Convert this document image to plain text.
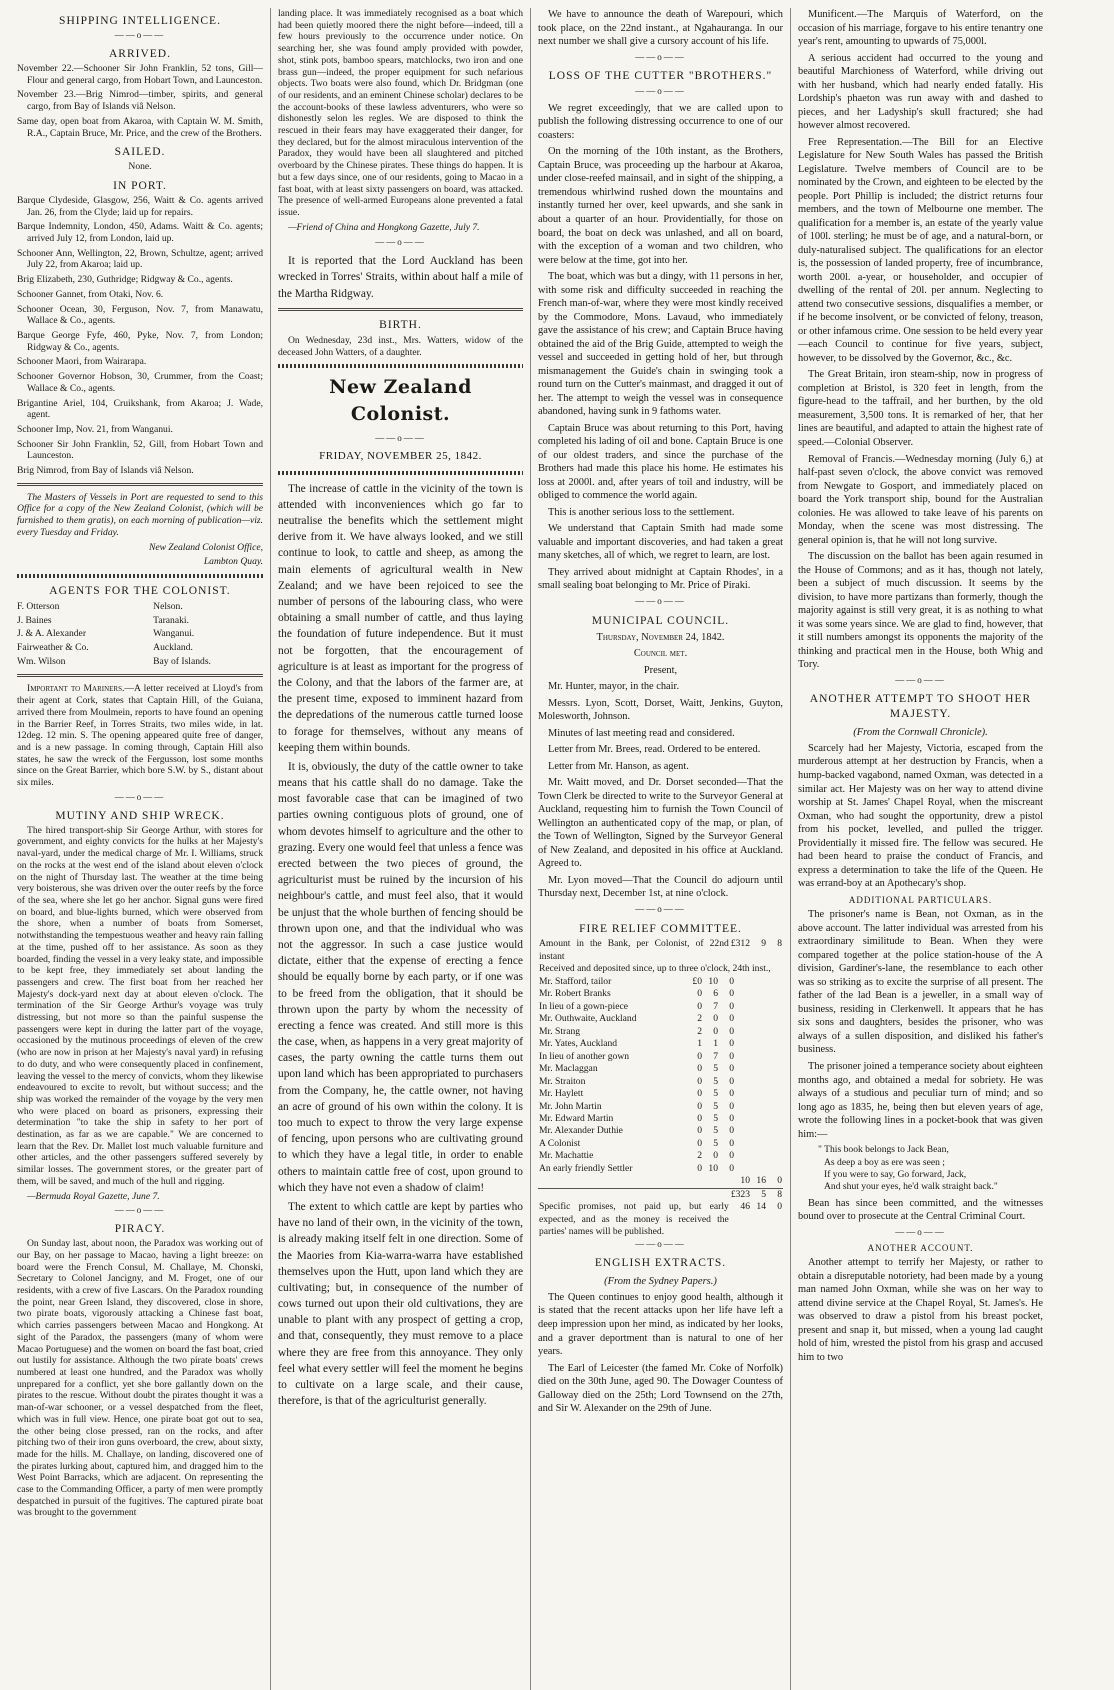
SHIPPING INTELLIGENCE.
——o——
ARRIVED.

November 22.—Schooner Sir John Franklin, 52 tons, Gill—Flour and general cargo, from Hobart Town, and Launceston.

November 23.—Brig Nimrod—timber, spirits, and general cargo, from Bay of Islands viâ Nelson.

Same day, open boat from Akaroa, with Captain W. M. Smith, R.A., Captain Bruce, Mr. Price, and the crew of the Brothers.

SAILED.

None.

IN PORT.

Barque Clydeside, Glasgow, 256, Waitt & Co. agents arrived Jan. 26, from the Clyde; laid up for repairs.

Barque Indemnity, London, 450, Adams. Waitt & Co. agents; arrived July 12, from London, laid up.

Schooner Ann, Wellington, 22, Brown, Schultze, agent; arrived July 22, from Akaroa; laid up.

Brig Elizabeth, 230, Guthridge; Ridgway & Co., agents.

Schooner Gannet, from Otaki, Nov. 6.

Schooner Ocean, 30, Ferguson, Nov. 7, from Manawatu, Wallace & Co., agents.

Barque George Fyfe, 460, Pyke, Nov. 7, from London; Ridgway & Co., agents.

Schooner Maori, from Wairarapa.

Schooner Governor Hobson, 30, Crummer, from the Coast; Wallace & Co., agents.

Brigantine Ariel, 104, Cruikshank, from Akaroa; J. Wade, agent.

Schooner Imp, Nov. 21, from Wanganui.

Schooner Sir John Franklin, 52, Gill, from Hobart Town and Launceston.

Brig Nimrod, from Bay of Islands viâ Nelson.

The Masters of Vessels in Port are requested to send to this Office for a copy of the New Zealand Colonist, (which will be furnished to them gratis), on each morning of publication—viz. every Tuesday and Friday.

New Zealand Colonist Office,

Lambton Quay.

AGENTS FOR THE COLONIST.
F. Otterson	Nelson.
J. Baines	Taranaki.
J. & A. Alexander	Wanganui.
Fairweather & Co.	Auckland.
Wm. Wilson	Bay of Islands.

Important to Mariners.—A letter received at Lloyd's from their agent at Cork, states that Captain Hill, of the Guiana, arrived there from Moulmein, reports to have found an opening in the Barrier Reef, in Torres Straits, two miles wide, in lat. 12deg. 12 min. S. The opening appeared quite free of danger, and is a new passage. In coming through, Captain Hill also states, he saw the wreck of the Fergusson, lost some months since on the Great Barrier, which bore S.W. by S., distant about six miles.

——o——
MUTINY AND SHIP WRECK.

The hired transport-ship Sir George Arthur, with stores for government, and eighty convicts for the hulks at her Majesty's naval-yard, under the medical charge of Mr. I. Williams, struck on the rocks at the west end of the island about eleven o'clock on the night of Thursday last. The weather at the time being very boisterous, she was driven over the outer reefs by the force of the sea, where she let go her anchor. Signal guns were fired on board, and blue-lights burned, which were observed from the shore, when a number of boats from Somerset, notwithstanding the tempestuous weather and heavy rain falling at the time, pushed off to her assistance. As soon as they boarded, finding the vessel in a very leaky state, and impossible to be kept free, they immediately set about landing the passengers and crew. The first boat from her reached her Majesty's dock-yard next day at about eleven o'clock. The termination of the Sir George Arthur's voyage was truly distressing, but not more so than the painful suspense the passengers were kept in during the latter part of the voyage, occasioned by the mutinous proceedings of eleven of the crew (who are now in prison at her Majesty's naval yard) in refusing to do duty, and who were consequently placed in confinement, leaving the vessel to the mercy of convicts, whom they likewise endeavoured to excite to revolt, but without success; and the ship was worked the remainder of the voyage by the very men who were placed on board as prisoners, expressing their determination "to take the ship in safety to her port of destination, as far as we are capable." We are concerned to learn that the Rev. Dr. Mallet lost much valuable furniture and other articles, and the other passengers suffered severely by similar losses. The government stores, or the greater part of them, will be saved, and much of the hull and rigging.

—Bermuda Royal Gazette, June 7.

——o——
PIRACY.

On Sunday last, about noon, the Paradox was working out of our Bay, on her passage to Macao, having a light breeze: on board were the French Consul, M. Challaye, M. Chonski, Secretary to Colonel Jancigny, and M. Froget, one of our residents, with a crew of five Lascars. On the Paradox rounding the point, near Green Island, they discovered, close in shore, two pirate boats, vigorously attacking a Chinese fast boat, which carries passengers between Macao and Hongkong. At sight of the Paradox, the passengers (many of whom were Macao Portuguese) and the women on board the fast boat, cried out lustily for assistance. Although the two pirate boats' crews numbered at least one hundred, and the Paradox was wholly unprepared for a conflict, yet she bore gallantly down on the pirates to the rescue. Without doubt the pirates thought it was a man-of-war schooner, or a vessel despatched from the fleet, which was in full view. Hence, one pirate boat got out to sea, the other being close pressed, ran on the rocks, and after pitching two of their iron guns overboard, the crew, about sixty, made for the hills. M. Challaye, on landing, discovered one of the pirates lurking about, captured him, and dragged him to the West Point Barracks, which are adjacent. On representing the case to the Commanding Officer, a party of men were promptly despatched in pursuit of the fugitives. The captured pirate boat was brought to the government

landing place. It was immediately recognised as a boat which had been quietly moored there the night before—indeed, till a few hours previously to the occurrence under notice. On searching her, she was found amply provided with powder, shot, stink pots, bamboo spears, matchlocks, two iron and one brass gun—indeed, the proper equipment for such nefarious objects. Two boats were also found, which Dr. Bridgman (one of our residents, and an eminent Chinese scholar) declares to be the account-books of these lawless adventurers, who were so dishonestly selon les regles. We are disposed to think the rescued in their fears may have exaggerated their danger, for they declared, but for the almost miraculous intervention of the Paradox, they would have been all slaughtered and pitched overboard by the Chinese pirates. These things do happen. It is but a few days since, one of our residents, going to Macao in a fast boat, with at least sixty passengers on board, was attacked. The presence of well-armed Europeans alone prevented a fatal issue.

—Friend of China and Hongkong Gazette, July 7.

——o——

It is reported that the Lord Auckland has been wrecked in Torres' Straits, within about half a mile of the Martha Ridgway.

BIRTH.

On Wednesday, 23d inst., Mrs. Watters, widow of the deceased John Watters, of a daughter.

New Zealand Colonist.
——o——
FRIDAY, NOVEMBER 25, 1842.

The increase of cattle in the vicinity of the town is attended with inconveniences which go far to neutralise the benefits which the settlement might derive from it. We have always looked, and we still continue to look, to cattle and sheep, as among the main elements of agricultural wealth in New Zealand; and we have been rejoiced to see the number of persons of the labouring class, who were obtaining a small number of cattle, and thus laying the foundation of future independence. But it must not be forgotten, that the encouragement of agriculture is at least as important for the progress of the Colony, and that the labors of the farmer are, at the present time, exposed to imminent hazard from the depredations of the numerous cattle turned loose to forage for themselves, without any means of keeping them within bounds.

It is, obviously, the duty of the cattle owner to take means that his cattle shall do no damage. Take the most favorable case that can be imagined of two parties owning contiguous plots of ground, one of whom devotes himself to agriculture and the other to grazing. Every one would feel that unless a fence was erected between the two pieces of ground, the agriculturist must be ruined by the incursion of his neighbour's cattle, and must feel also, that it would be unjust that the whole burthen of fencing should be thrown upon one, and that the individual who was not the aggressor. In such a case justice would dictate, either that the expense of erecting a fence should be equally borne by each party, or if one was to be freed from the obligation, that it should be thrown upon the party by whom the necessity of erecting a fence was created. And still more is this the case, when, as happens in a very great majority of cases, the party owning the cattle turns them out upon land which has been appropriated to purchasers from the Company, he, the cattle owner, not having an acre of ground of his own within the colony. It is too much to expect to throw the very large expense of fencing, upon persons who are cultivating ground to which they have a legal title, in order to enable others to maintain cattle free of cost, upon ground to which they have not even a shadow of claim!

The extent to which cattle are kept by parties who have no land of their own, in the vicinity of the town, is already making itself felt in one direction. Some of the Maories from Kia-warra-warra have established themselves upon the Hutt, upon land which they are cultivating; but, in consequence of the number of cows turned out upon their old cultivations, they are unable to plant with any prospect of getting a crop, and that, consequently, they must remove to a place where they are free from this annoyance. They only feel what every settler will feel the moment he begins to cultivate on a large scale, and their cause, therefore, is that of the agriculturist generally.

We have to announce the death of Warepouri, which took place, on the 22nd instant., at Ngahauranga. In our next number we shall give a cursory account of his life.

——o——
LOSS OF THE CUTTER "BROTHERS."
——o——

We regret exceedingly, that we are called upon to publish the following distressing occurrence to one of our coasters:

On the morning of the 10th instant, as the Brothers, Captain Bruce, was proceeding up the harbour at Akaroa, under close-reefed mainsail, and in sight of the shipping, a tremendous whirlwind rushed down the mountains and instantly turned her over, keel upwards, and she sank in about a quarter of an hour. Providentially, for those on board, the boat on deck was unlashed, and all on board, with the exception of a woman and two children, who were below at the time, got into her.

The boat, which was but a dingy, with 11 persons in her, with some risk and difficulty succeeded in reaching the French man-of-war, where they were most kindly received by the Commodore, Mons. Lavaud, who immediately gave the assistance of his crew; and Captain Bruce having obtained the aid of the Brig Guide, attempted to weigh the vessel and succeeded in getting hold of her, but through mismanagement the Guide's chain in swinging took a round turn on the Cutter's mainmast, and dragged it out of her. The attempt to weigh the vessel was in consequence abandoned, having sunk in 9 fathoms water.

Captain Bruce was about returning to this Port, having completed his lading of oil and bone. Captain Bruce is one of our oldest traders, and since the purchase of the Brothers had made this place his home. He estimates his loss at 2000l. and, after years of toil and industry, will be obliged to commence the world again.

This is another serious loss to the settlement.

We understand that Captain Smith had made some valuable and important discoveries, and had taken a great many sketches, all of which, we regret to learn, are lost.

They arrived about midnight at Captain Rhodes', in a small sealing boat belonging to Mr. Price of Piraki.

——o——
MUNICIPAL COUNCIL.

Thursday, November 24, 1842.

Council met.

Present,

Mr. Hunter, mayor, in the chair.

Messrs. Lyon, Scott, Dorset, Waitt, Jenkins, Guyton, Molesworth, Johnson.

Minutes of last meeting read and considered.

Letter from Mr. Brees, read. Ordered to be entered.

Letter from Mr. Hanson, as agent.

Mr. Waitt moved, and Dr. Dorset seconded—That the Town Clerk be directed to write to the Surveyor General at Auckland, requesting him to furnish the Town Council of Wellington an authenticated copy of the map, or plan, of the Town of Wellington, Signed by the Surveyor General of New Zealand, and deposited in his office at Auckland. Agreed to.

Mr. Lyon moved—That the Council do adjourn until Thursday next, December 1st, at nine o'clock.

——o——
FIRE RELIEF COMMITTEE.
Amount in the Bank, per Colonist, of 22nd instant	£312	9	8
Received and deposited since, up to three o'clock, 24th inst.,
Mr. Stafford, tailor	£0	10	0	
Mr. Robert Branks	0	6	0	
In lieu of a gown-piece	0	7	0	
Mr. Outhwaite, Auckland	2	0	0	
Mr. Strang	2	0	0	
Mr. Yates, Auckland	1	1	0	
In lieu of another gown	0	7	0	
Mr. Maclaggan	0	5	0	
Mr. Straiton	0	5	0	
Mr. Haylett	0	5	0	
Mr. John Martin	0	5	0	
Mr. Edward Martin	0	5	0	
Mr. Alexander Duthie	0	5	0	
A Colonist	0	5	0	
Mr. Machattie	2	0	0	
An early friendly Settler	0	10	0	
	10	16	0
	£323	5	8
Specific promises, not paid up, but early expected, and as the money is received the parties' names will be published.	46	14	0
——o——
ENGLISH EXTRACTS.
(From the Sydney Papers.)

The Queen continues to enjoy good health, although it is stated that the recent attacks upon her life have left a deep impression upon her mind, as indicated by her looks, and a graver deportment than is natural to one of her years.

The Earl of Leicester (the famed Mr. Coke of Norfolk) died on the 30th June, aged 90. The Dowager Countess of Galloway died on the 25th; Lord Townsend on the 27th, and Sir W. Alexander on the 29th of June.

Munificent.—The Marquis of Waterford, on the occasion of his marriage, forgave to his entire tenantry one year's rent, amounting to upwards of 75,000l.

A serious accident had occurred to the young and beautiful Marchioness of Waterford, while driving out with her husband, which had nearly ended fatally. His Lordship's phaeton was run away with and dashed to pieces, and her Ladyship's skull fractured; she had however almost recovered.

Free Representation.—The Bill for an Elective Legislature for New South Wales has passed the British Legislature. Twelve members of Council are to be nominated by the Crown, and eighteen to be elected by the people. Port Phillip is included; the district returns four members, and the town of Melbourne one member. The qualification for a member is, an estate of the yearly value of 100l. sterling; he must be of age, and a natural-born, or duly-naturalised subject. The qualifications for an elector is, the possession of landed property, free of incumbrance, worth 200l. a-year, or householder, and occupier of dwelling of the rental of 20l. per annum. Neglecting to attend two consecutive sessions, disqualifies a member, or if he become insolvent, or be convicted of felony, treason, or other infamous crime. One session to be held every year—each Council to continue for five years, subject, however, to be dissolved by the Governor, &c., &c.

The Great Britain, iron steam-ship, now in progress of completion at Bristol, is 320 feet in length, from the figure-head to the taffrail, and her burthen, by the old measurement, 3,500 tons. It is remarked of her, that her lines are beautiful, and adapted to attain the highest rate of speed.—Colonial Observer.

Removal of Francis.—Wednesday morning (July 6,) at half-past seven o'clock, the above convict was removed from Newgate to Gosport, and immediately placed on board the York transport ship, bound for the Australian colonies. He was allowed to take leave of his parents on Monday, when the scene was most distressing. The general opinion is, that he will not long survive.

The discussion on the ballot has been again resumed in the House of Commons; and as it has, though not lately, been a subject of much discussion. It seems by the division, to have more partizans than formerly, though the majority against is still very great, it is as nothing to what it was some years since. We are glad to find, however, that it still numbers amongst its opponents the majority of the thinking and practical men in the House, both Whig and Tory.

——o——
ANOTHER ATTEMPT TO SHOOT HER MAJESTY.
(From the Cornwall Chronicle).

Scarcely had her Majesty, Victoria, escaped from the murderous attempt at her destruction by Francis, when a hump-backed vagabond, named Oxman, was detected in a similar act. Her Majesty was on her way to attend divine worship at St. James' Chapel Royal, when the miscreant Oxman, who had sought the opportunity, drew a pistol from his pocket, levelled, and pulled the trigger. Providentially it missed fire. The fellow was secured. He had been heard to praise the conduct of Francis, and express a determination to take the life of the Queen. He was errand-boy at an Apothecary's shop.

ADDITIONAL PARTICULARS.

The prisoner's name is Bean, not Oxman, as in the above account. The latter individual was arrested from his extraordinary similitude to Bean. When they were compared together at the police station-house of the A division, Gardiner's-lane, the resemblance to each other was so striking as to excite the surprise of all present. The father of the lad Bean is a jeweller, in a small way of business, residing in Clerkenwell. It appears that he has six sons and daughters, besides the prisoner, who was always of a sullen disposition, and disliked his father's business.

The prisoner joined a temperance society about eighteen months ago, and obtained a medal for sobriety. He was always of a studious and peculiar turn of mind; and so long ago as 1835, he, being then but eleven years of age, wrote the following lines in a pocket-book that was given him:—

" This book belongs to Jack Bean,
As deep a boy as ere was seen ;
If you were to say, Go forward, Jack,
And shut your eyes, he'd walk straight back."

Bean has since been committed, and the witnesses bound over to prosecute at the Central Criminal Court.

——o——
ANOTHER ACCOUNT.

Another attempt to terrify her Majesty, or rather to obtain a disreputable notoriety, had been made by a young man named John Oxman, while she was on her way to attend divine service at the Chapel Royal, St. James's. He was observed to draw a pistol from his breast pocket, present and snap it, but missed, when a young lad caught hold of him, wrested the pistol from his grasp and accused him to two
